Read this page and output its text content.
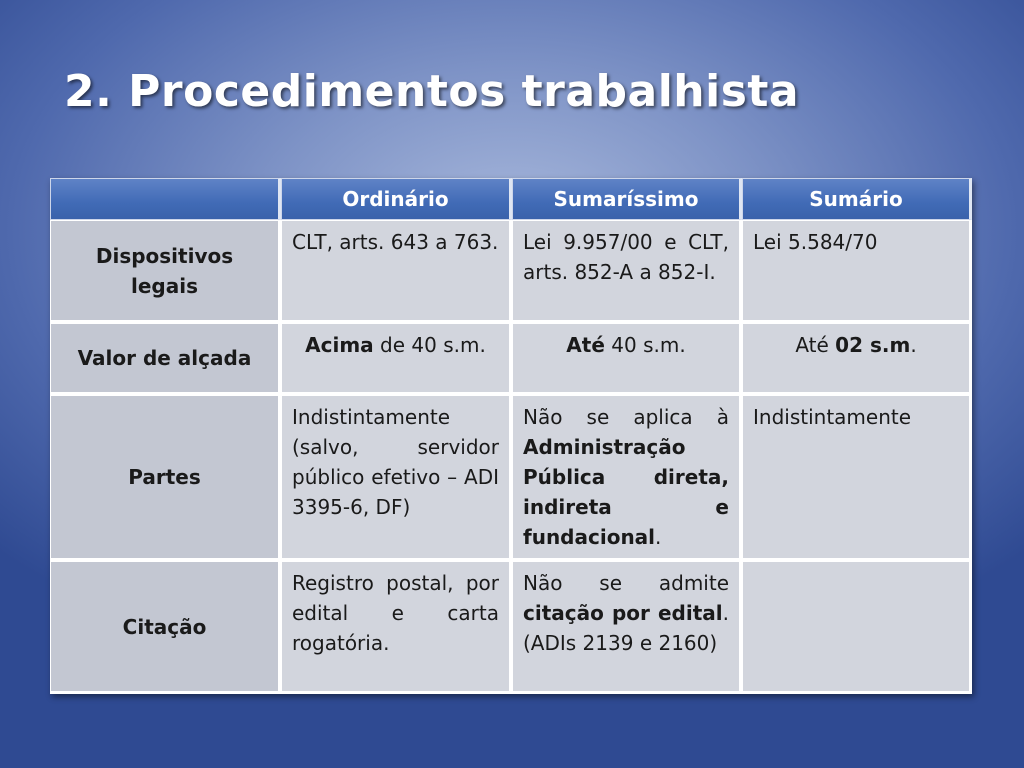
2. Procedimentos trabalhista
	Ordinário	Sumaríssimo	Sumário
Dispositivos legais	CLT, arts. 643 a 763.	Lei 9.957/00 e CLT, arts. 852-A a 852-I.	Lei 5.584/70
Valor de alçada	Acima de 40 s.m.	Até 40 s.m.	Até 02 s.m.
Partes	Indistintamente (salvo, servidor público efetivo – ADI 3395-6, DF)	Não se aplica à Administração Pública direta, indireta e fundacional.	Indistintamente
Citação	Registro postal, por edital e carta rogatória.	Não se admite citação por edital. (ADIs 2139 e 2160)	
